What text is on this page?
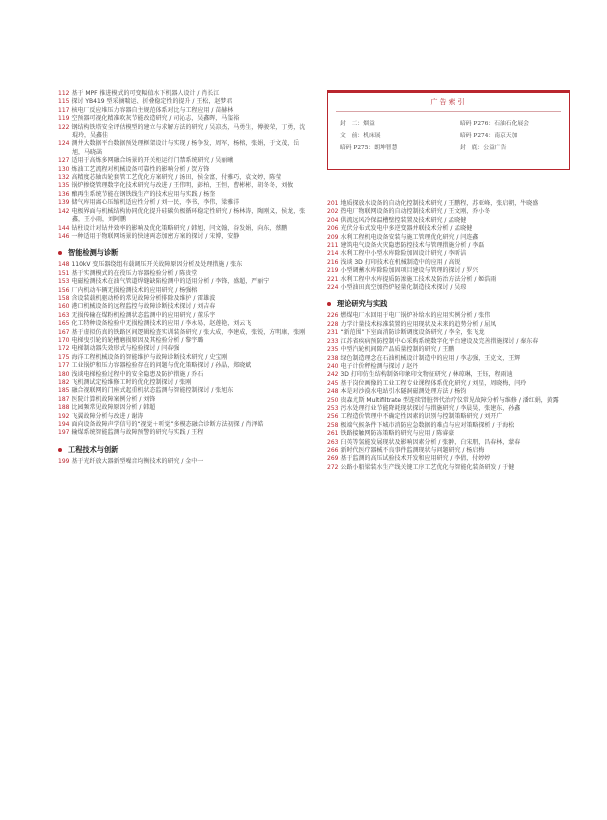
112 基于 MPF 推进模式的可变幅值水下机器人设计 / 肖长江

115 探讨 YB419 型采摘喘运、折叠稳定性的提升 / 王松，赵梦君

117 核电厂反应堆压力容器自主规范体系对比与工程应用 / 苗赫林

119 空预器可视化精准吹灰节能改造研究 / 司沁志，吴鑫晖，马玺裕

122 钢结构铁塔安全评估模型的建立与求解方法的研究 / 吴凉杰，马勇生，傅骏荣，丁勇，沈琨玲，吴鑫佳

124 测井大数据平台数据预处理框架设计与实现 / 杨争发，周军，杨榕，张娟，于文茂，岳旭，马晓菡

127 适用于高炼多网融合场景的开关柜运行门禁系统研究 / 吴丽曦

130 炼油工艺流程对机械设备可靠性的影响分析 / 贺方锋

132 高精度芯轴齿轮套管工艺优化方案研究 / 汤田，侯金富，付雅巧，袁文婷，陈莹

135 锅炉掺烧管理数字化技术研究与改进 / 王伟明，彭柏，王恒，曹彬彬，胡冬冬，刘攸

136 酿再生系统节能在钢铁线生产的技术应用与实践 / 杨奎

139 储气库用离心压缩机适应性分析 / 刘一民，李书，李伟，梁雅洋

142 电极界面与机械结构协同优化提升硅碳负极循环稳定性研究 / 杨林涛，陶刚义，侯龙，张鑫，王小雨，刘阿鹏

144 钻柱设计对钻井效率的影响及优化策略研究 / 韩旭，闫文翰，谷发娟，向东，蔡鹏

146 一种适用于物联网场景的快速両态加密方案的探讨 / 宋博，安静

智能检测与诊断

148 110kV 变压器绕组有载调压开关故障原因分析及处理措施 / 张东

151 基于实测模式的在役压力容器检验分析 / 陈贵堂

153 电磁检测技术在油气管道焊缝缺陷检测中的适用分析 / 李锋，盛超，严丽宁

156 厂内机动车辆无损检测技术的应用研究 / 杨强榕

158 含设装载机驱动桥的常见故障分析排除及维护 / 雷雄波

160 港口机械设备的远程监控与故障诊断技术探讨 / 刘吉春

163 无损传输在煤粉机检测状态监测中的应用研究 / 董乐宇

165 化工特种设备检验中无损检测技术的应用 / 李永易，赵莲艳，刘云飞

167 基于虚拟仿真的铁路区间逻辑检查实训装备研究 / 张大成，李建成，张锐，方明康，张刚

170 电梯曳引轮的轮槽磨损原因及其检验分析 / 黎宇璐

172 电梯制动器失效形式与检验探讨 / 闫春强

175 海洋工程机械设备的智能维护与故障诊断技术研究 / 史宝刚

177 工业锅炉和压力容器检验存在的问题与优化策略探讨 / 孙晶，郑晓斌

180 浅谈电梯检验过程中的安全隐患及防护措施 / 乔石

182 飞机测试定检维修工时的优化控制探讨 / 张刚

185 融合视联网的门座式起重机状态监测与智能控制探讨 / 张旭东

187 医院计算机故障案例分析 / 刘锋

188 比园频常见故障原因分析 / 韩超

192 飞翼故障分析与改进 / 谢涛

194 面向设备故障声学信号的“视觉＋听觉”多模态融合诊断方法初探 / 肖泽皓

197 输煤系统智能监测与故障预警的研究与实践 / 王程

工程技术与创新

199 基于光纤放大器新型噪音均衡技术的研究 / 金中一

广告索引
封　二：烟益	暗码 P276：石油石化展会
文　前：机床展	暗码 P274：南京天加
暗码 P275：朗坤智慧	封　底：公益广告

201 地质探放水设备的自动化控制技术研究 / 王鹏程，苏亚峰，张启朝，牛晓盛

202 热电厂物联网设备的自动控制技术研究 / 王文刚，乔小冬

204 供流远风冷保温槽壁控装置及技术研究 / 孟晓健

206 光伏分布式发电中多逆变器并联技术分析 / 孟晓健

209 水利工程机电设备安装与施工管理优化研究 / 闫连鑫

211 建筑电气设备火灾隐患防控技术与管理措施分析 / 李磊

214 水利工程中小型水库除险加固设计研究 / 李昕洁

216 浅谈 3D 打印技术在机械制造中的应用 / 高锐

219 小型调蓄水库除险加固项目建设与管理的探讨 / 罗兴

221 水利工程中水库提质防渗施工技术及防治方法分析 / 姬浩雨

224 小型油田真空加热炉轻量化制造技术探讨 / 吴琼

理论研究与实践

226 燃煤电厂水回用于电厂锅炉补给水的应用实例分析 / 张伟

228 力学计量技术标准装置的应用现状及未来的趋势分析 / 屈凤

231 “新范围”下室面消防诊断调度设备研究 / 李全，张飞龙

233 江苏省疾病预防控制中心采购系统数字化平台建设及完善措施探讨 / 秦东春

235 中型汽轮机间隙产品质量控制的研究 / 王鹏

238 绿色制造理念在石油机械设计制造中的应用 / 李志强，王克文，王辉

240 电子计价秤检测与探讨 / 赵丹

242 3D 打印仿生结构制备印象印文物征研究 / 林琼琳，王钰，程雨迪

245 基于岗位画像的工业工程专业课程体系优化研究 / 刘星，周晓梅，闫玲

248 本是对沙漠水电站引水隧洞磁测处理方法 / 杨钧

250 贵森尤斯 Multifiltrate 型连续肾脏替代治疗仪常见故障分析与维修 / 潘红娟，黄露

253 污水处理行业节能降耗现状探讨与措施研究 / 李晨昊，张建东，孙鑫

256 工程造价管理中不确定性因素的识别与控制策略研究 / 刘开广

258 极端气候条件下城市消防应急数据的难点与应对策略探析 / 于海松

261 铁路接触网防冻策略的研究与应用 / 陈睿豪

263 臼英等氢能发展现状及影响因素分析 / 张翀，白宋朋，昌春林，蒙春

266 新时代医疗器械不良事件监测现状与问题研究 / 杨启梅

269 基于监测的高压试验技术开发和应用研究 / 李倩，付婷婷

272 公路小船梁装水生产线关键工序工艺优化与智能化装备研发 / 于健
